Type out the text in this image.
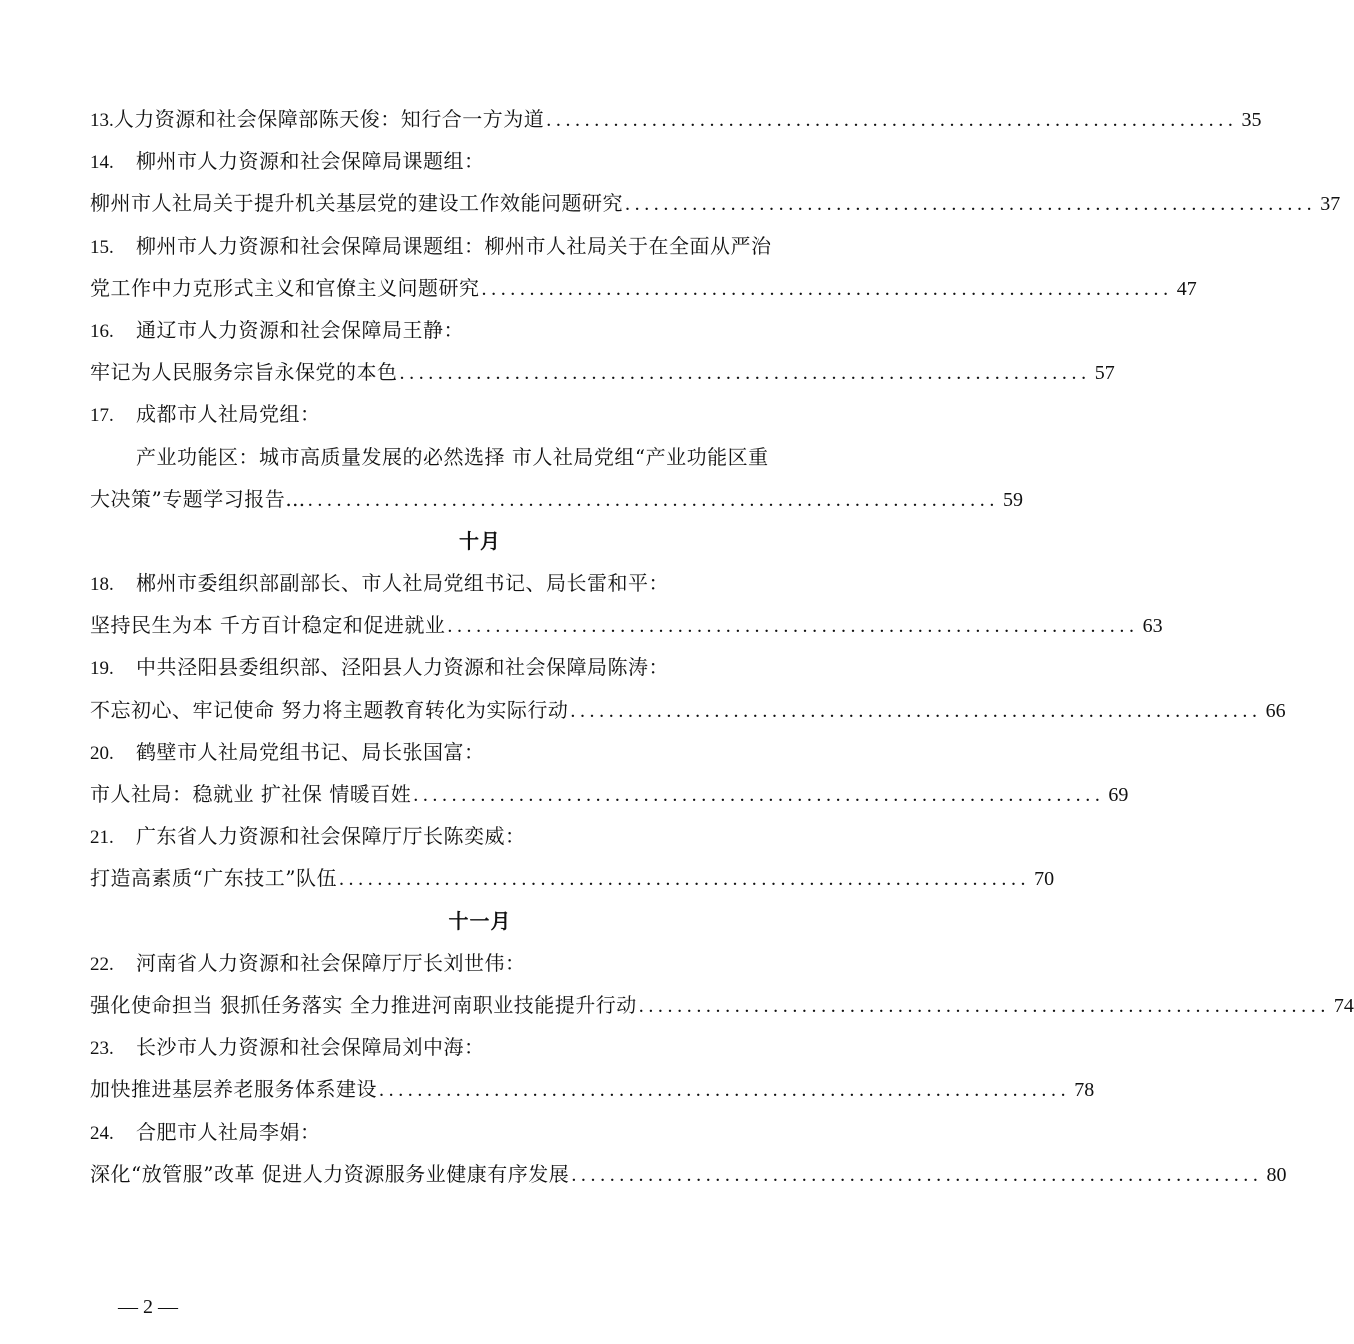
13. 人力资源和社会保障部陈天俊：知行合一方为道 ........................................................................ 35
14.	柳州市人力资源和社会保障局课题组：
柳州市人社局关于提升机关基层党的建设工作效能问题研究 ........................................................................ 37
15.	柳州市人力资源和社会保障局课题组：柳州市人社局关于在全面从严治
党工作中力克形式主义和官僚主义问题研究 ........................................................................ 47
16.	通辽市人力资源和社会保障局王静：
牢记为人民服务宗旨永保党的本色 ........................................................................ 57
17.	成都市人社局党组：
产业功能区：城市高质量发展的必然选择 市人社局党组“产业功能区重
大决策”专题学习报告… ........................................................................ 59
十月
18.	郴州市委组织部副部长、市人社局党组书记、局长雷和平：
坚持民生为本 千方百计稳定和促进就业 ........................................................................ 63
19.	中共泾阳县委组织部、泾阳县人力资源和社会保障局陈涛：
不忘初心、牢记使命 努力将主题教育转化为实际行动 ........................................................................ 66
20.	鹤壁市人社局党组书记、局长张国富：
市人社局：稳就业 扩社保 情暖百姓 ........................................................................ 69
21.	广东省人力资源和社会保障厅厅长陈奕威：
打造高素质“广东技工”队伍 ........................................................................ 70
十一月
22.	河南省人力资源和社会保障厅厅长刘世伟：
强化使命担当 狠抓任务落实 全力推进河南职业技能提升行动 ........................................................................ 74
23.	长沙市人力资源和社会保障局刘中海：
加快推进基层养老服务体系建设 ........................................................................ 78
24.	合肥市人社局李娟：
深化“放管服”改革 促进人力资源服务业健康有序发展 ........................................................................ 80
— 2 —
